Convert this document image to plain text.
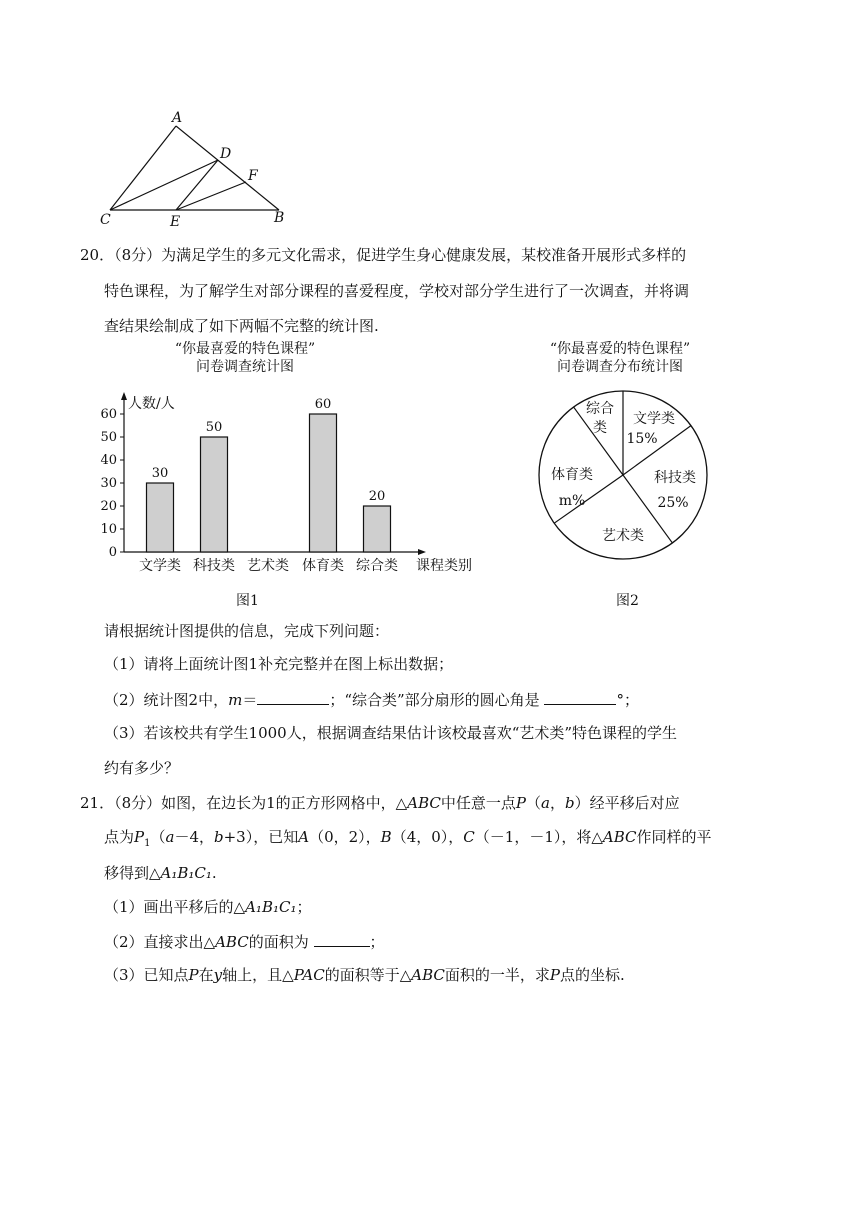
A
D
F
C	E	B
20．（8分）为满足学生的多元文化需求，促进学生身心健康发展，某校准备开展形式多样的
特色课程，为了解学生对部分课程的喜爱程度，学校对部分学生进行了一次调查，并将调
查结果绘制成了如下两幅不完整的统计图.
“你最喜爱的特色课程”
问卷调查统计图
人数/人
0
10
20
30
40
50
60
30
文学类
50
科技类 艺术类
60
体育类
20
综合类 课程类别
图1
“你最喜爱的特色课程”
问卷调查分布统计图
文学类
15%
科技类
25%
艺术类
体育类
m%
综合
类
图2
请根据统计图提供的信息，完成下列问题：
（1）请将上面统计图1补充完整并在图上标出数据；
（2）统计图2中，m＝	；“综合类”部分扇形的圆心角是	°；
（3）若该校共有学生1000人，根据调查结果估计该校最喜欢“艺术类”特色课程的学生
约有多少？
21．（8分）如图，在边长为1的正方形网格中，△ABC中任意一点P（a，b）经平移后对应
点为$P_1(a-4$，b+3），已知A（0，2），B（4，0），C（－1，－1），将△ABC作同样的平
移得到△A₁B₁C₁.
（1）画出平移后的△A₁B₁C₁；
（2）直接求出△ABC的面积为	；
（3）已知点P在y轴上，且△PAC的面积等于△ABC面积的一半，求P点的坐标.
